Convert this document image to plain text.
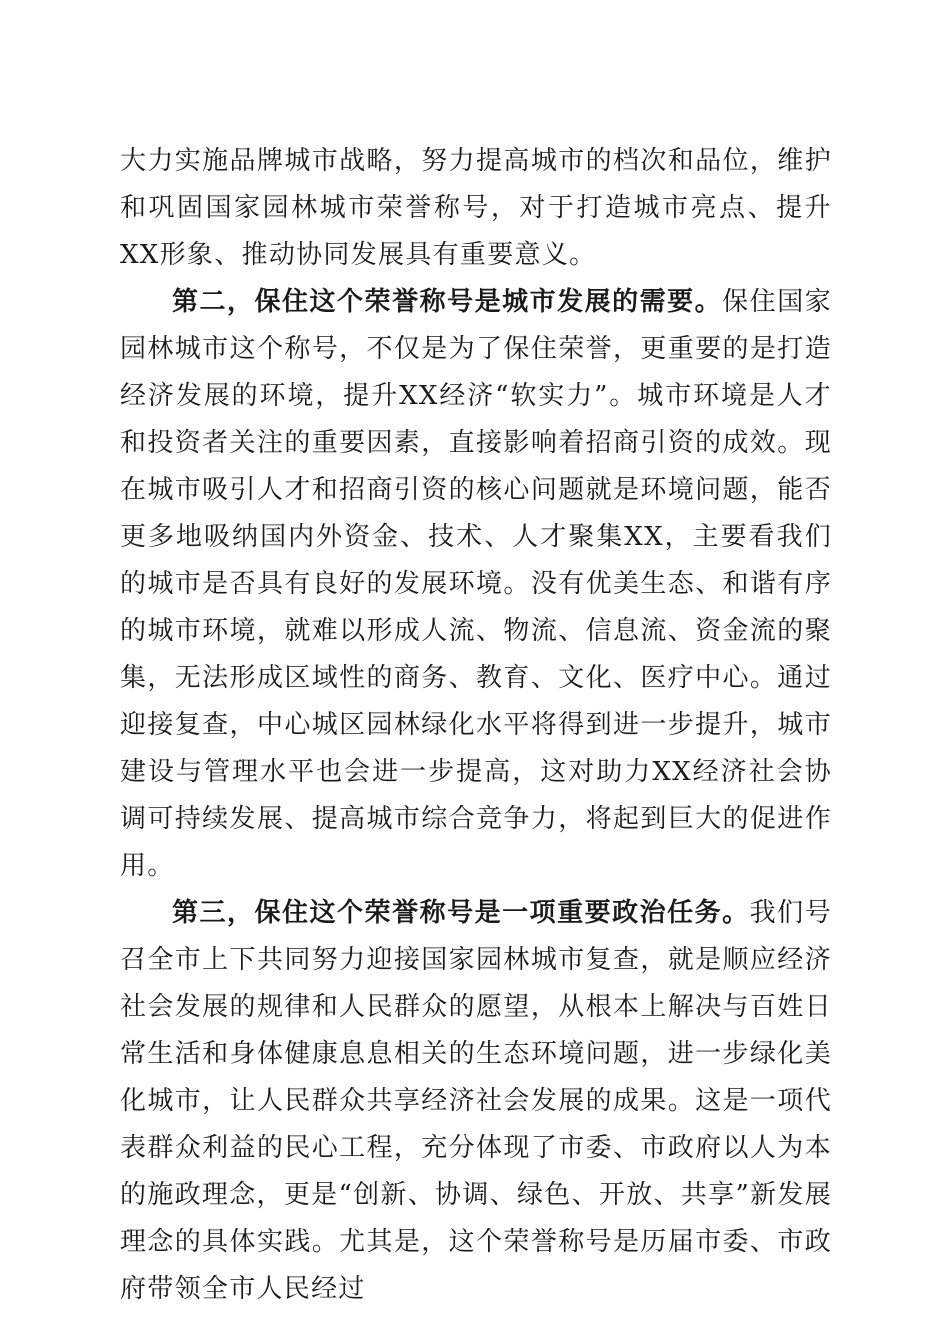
大力实施品牌城市战略，努力提高城市的档次和品位，维护和巩固国家园林城市荣誉称号，对于打造城市亮点、提升XX形象、推动协同发展具有重要意义。

第二，保住这个荣誉称号是城市发展的需要。保住国家园林城市这个称号，不仅是为了保住荣誉，更重要的是打造经济发展的环境，提升XX经济“软实力”。城市环境是人才和投资者关注的重要因素，直接影响着招商引资的成效。现在城市吸引人才和招商引资的核心问题就是环境问题，能否更多地吸纳国内外资金、技术、人才聚集XX，主要看我们的城市是否具有良好的发展环境。没有优美生态、和谐有序的城市环境，就难以形成人流、物流、信息流、资金流的聚集，无法形成区域性的商务、教育、文化、医疗中心。通过迎接复查，中心城区园林绿化水平将得到进一步提升，城市建设与管理水平也会进一步提高，这对助力XX经济社会协调可持续发展、提高城市综合竞争力，将起到巨大的促进作用。

第三，保住这个荣誉称号是一项重要政治任务。我们号召全市上下共同努力迎接国家园林城市复查，就是顺应经济社会发展的规律和人民群众的愿望，从根本上解决与百姓日常生活和身体健康息息相关的生态环境问题，进一步绿化美化城市，让人民群众共享经济社会发展的成果。这是一项代表群众利益的民心工程，充分体现了市委、市政府以人为本的施政理念，更是“创新、协调、绿色、开放、共享”新发展理念的具体实践。尤其是，这个荣誉称号是历届市委、市政府带领全市人民经过
